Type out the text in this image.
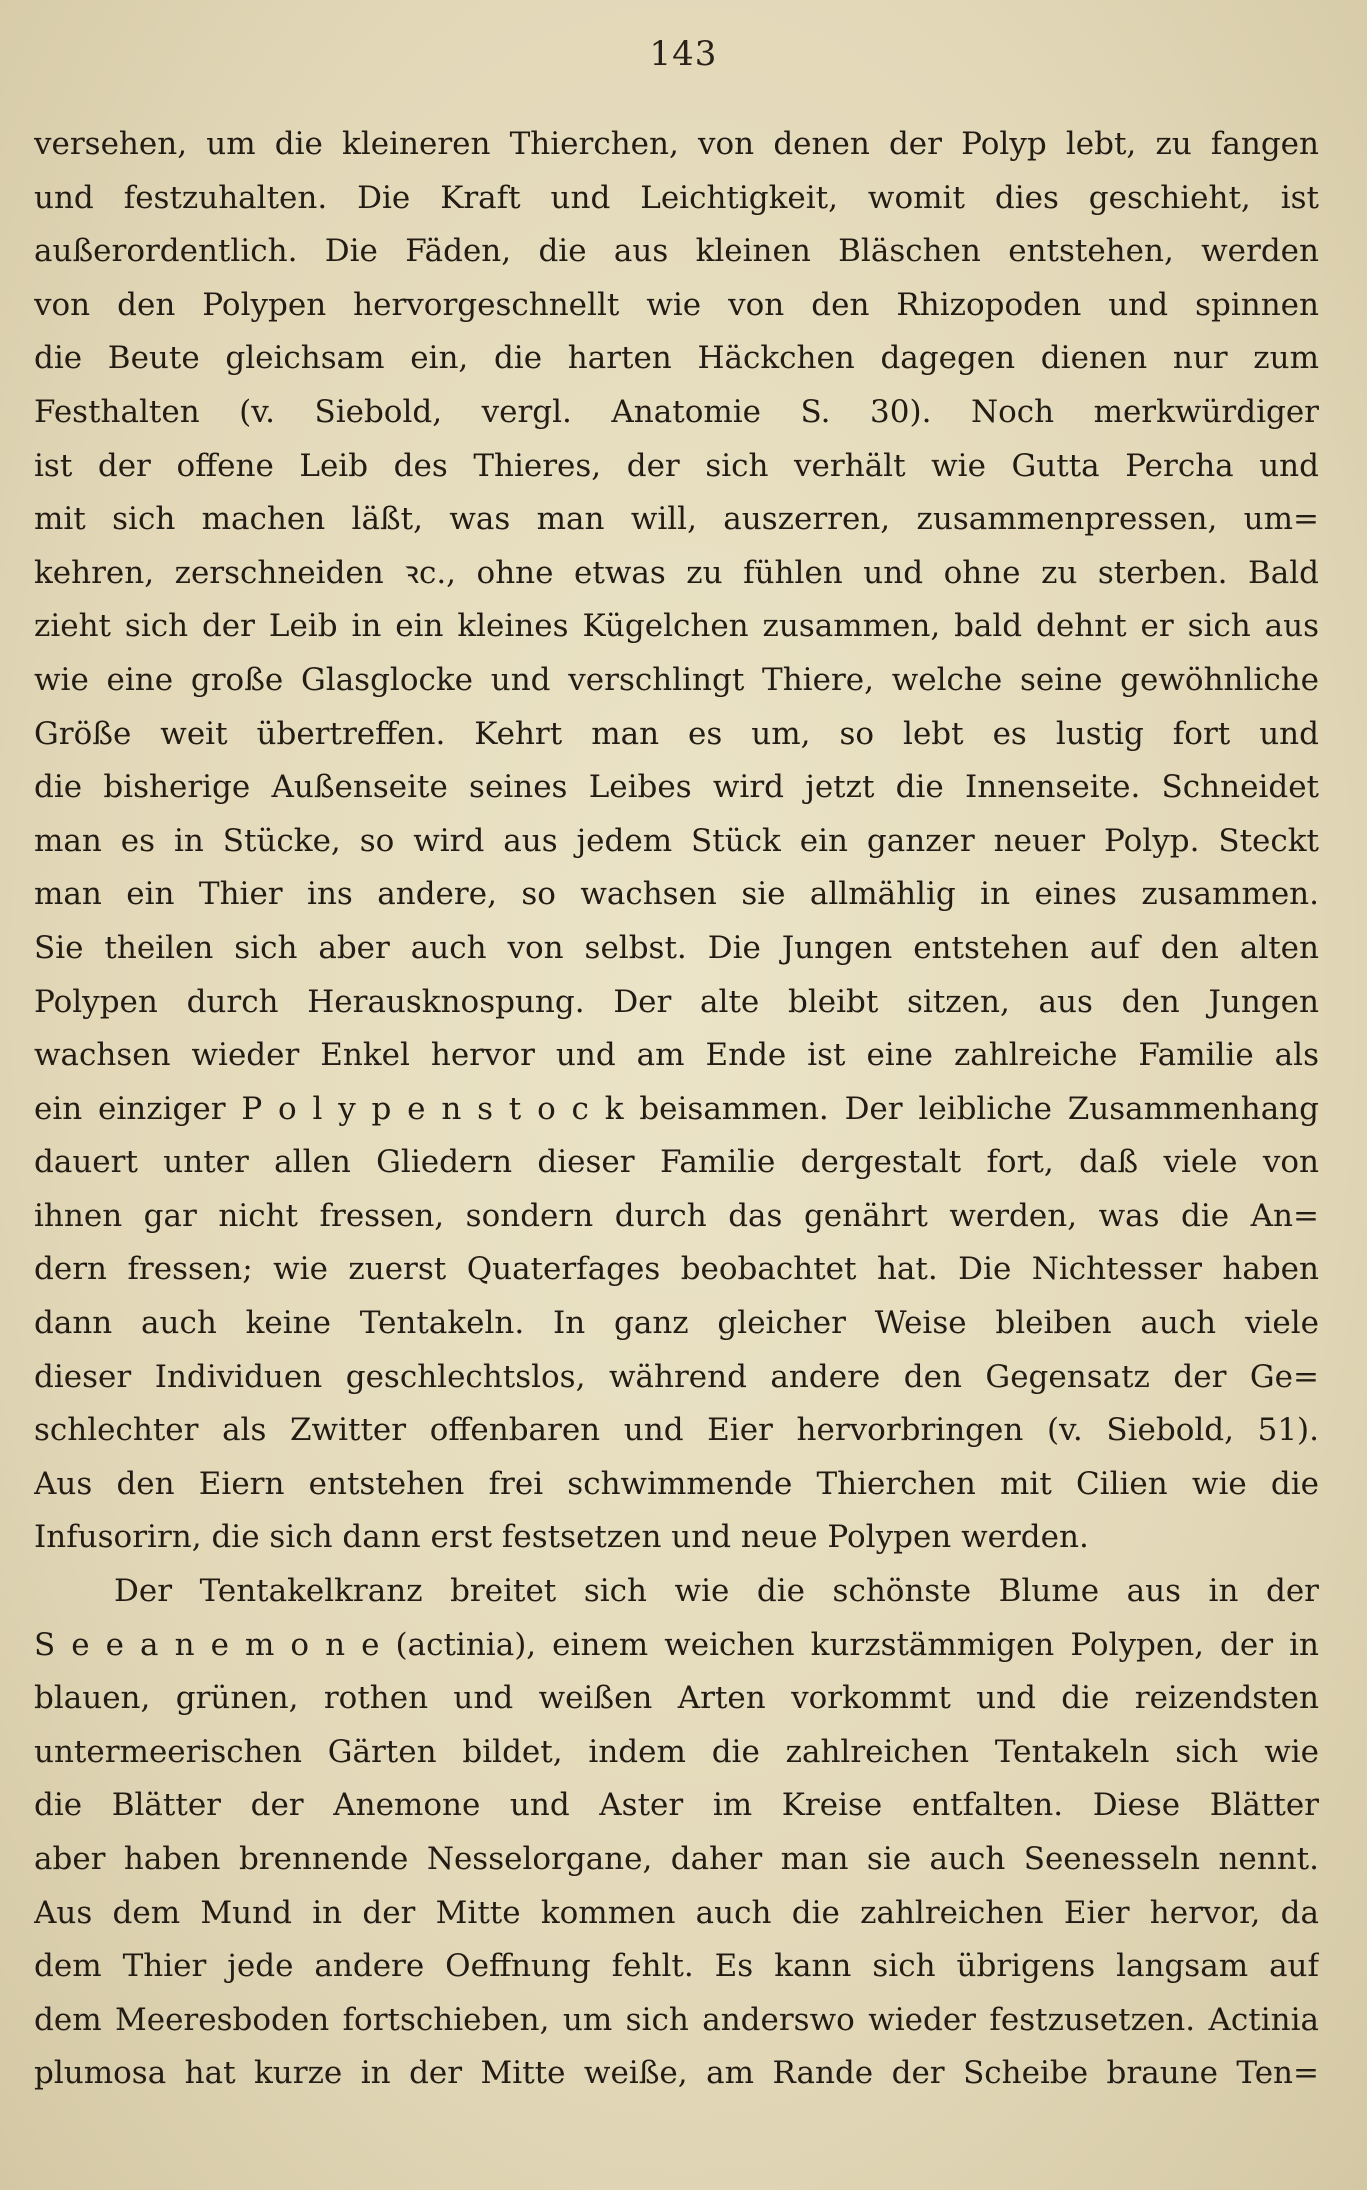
143
versehen, um die kleineren Thierchen, von denen der Polyp lebt, zu fangen
und festzuhalten. Die Kraft und Leichtigkeit, womit dies geschieht, ist
außerordentlich. Die Fäden, die aus kleinen Bläschen entstehen, werden
von den Polypen hervorgeschnellt wie von den Rhizopoden und spinnen
die Beute gleichsam ein, die harten Häckchen dagegen dienen nur zum
Festhalten (v. Siebold, vergl. Anatomie S. 30). Noch merkwürdiger
ist der offene Leib des Thieres, der sich verhält wie Gutta Percha und
mit sich machen läßt, was man will, auszerren, zusammenpressen, um=
kehren, zerschneiden ꝛc., ohne etwas zu fühlen und ohne zu sterben. Bald
zieht sich der Leib in ein kleines Kügelchen zusammen, bald dehnt er sich aus
wie eine große Glasglocke und verschlingt Thiere, welche seine gewöhnliche
Größe weit übertreffen. Kehrt man es um, so lebt es lustig fort und
die bisherige Außenseite seines Leibes wird jetzt die Innenseite. Schneidet
man es in Stücke, so wird aus jedem Stück ein ganzer neuer Polyp. Steckt
man ein Thier ins andere, so wachsen sie allmählig in eines zusammen.
Sie theilen sich aber auch von selbst. Die Jungen entstehen auf den alten
Polypen durch Herausknospung. Der alte bleibt sitzen, aus den Jungen
wachsen wieder Enkel hervor und am Ende ist eine zahlreiche Familie als
ein einziger P o l y p e n s t o c k beisammen. Der leibliche Zusammenhang
dauert unter allen Gliedern dieser Familie dergestalt fort, daß viele von
ihnen gar nicht fressen, sondern durch das genährt werden, was die An=
dern fressen; wie zuerst Quaterfages beobachtet hat. Die Nichtesser haben
dann auch keine Tentakeln. In ganz gleicher Weise bleiben auch viele
dieser Individuen geschlechtslos, während andere den Gegensatz der Ge=
schlechter als Zwitter offenbaren und Eier hervorbringen (v. Siebold, 51).
Aus den Eiern entstehen frei schwimmende Thierchen mit Cilien wie die
Infusorirn, die sich dann erst festsetzen und neue Polypen werden.
Der Tentakelkranz breitet sich wie die schönste Blume aus in der
S e e a n e m o n e (actinia), einem weichen kurzstämmigen Polypen, der in
blauen, grünen, rothen und weißen Arten vorkommt und die reizendsten
untermeerischen Gärten bildet, indem die zahlreichen Tentakeln sich wie
die Blätter der Anemone und Aster im Kreise entfalten. Diese Blätter
aber haben brennende Nesselorgane, daher man sie auch Seenesseln nennt.
Aus dem Mund in der Mitte kommen auch die zahlreichen Eier hervor, da
dem Thier jede andere Oeffnung fehlt. Es kann sich übrigens langsam auf
dem Meeresboden fortschieben, um sich anderswo wieder festzusetzen. Actinia
plumosa hat kurze in der Mitte weiße, am Rande der Scheibe braune Ten=
